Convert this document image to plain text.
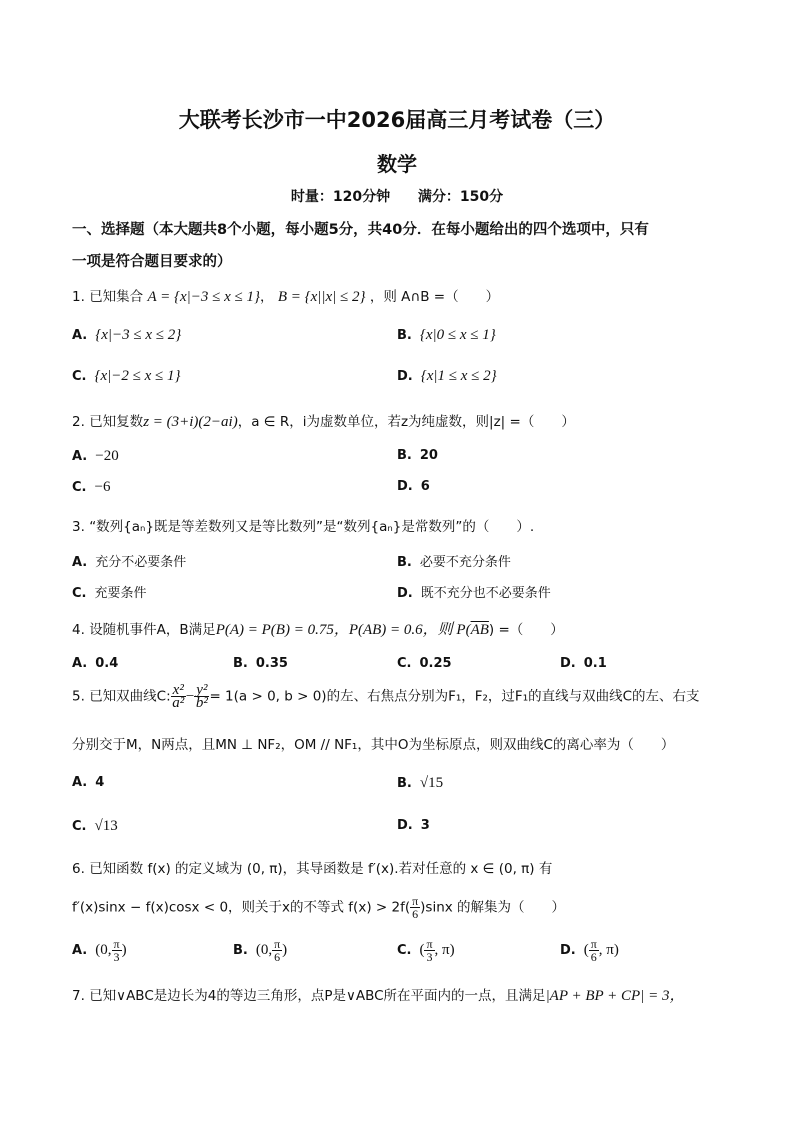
大联考长沙市一中2026届高三月考试卷（三）
数学
时量：120分钟 满分：150分
一、选择题（本大题共8个小题，每小题5分，共40分．在每小题给出的四个选项中，只有
一项是符合题目要求的）
1. 已知集合 A = {x|−3 ≤ x ≤ 1}， B = {x||x| ≤ 2} ，则 A∩B =（　　）
A. {x|−3 ≤ x ≤ 2}	B. {x|0 ≤ x ≤ 1}
C. {x|−2 ≤ x ≤ 1}	D. {x|1 ≤ x ≤ 2}
2. 已知复数z = (3+i)(2−ai)，a ∈ R，i为虚数单位，若z为纯虚数，则|z| =（　　）
A. −20	B. 20
C. −6	D. 6
3. “数列{aₙ}既是等差数列又是等比数列”是“数列{aₙ}是常数列”的（　　）.
A. 充分不必要条件	B. 必要不充分条件
C. 充要条件	D. 既不充分也不必要条件
4. 设随机事件A，B满足P(A) = P(B) = 0.75，P(AB) = 0.6，则 $P(\overline{AB})$ =（　　）
A. 0.4	B. 0.35	C. 0.25	D. 0.1
5. 已知双曲线C: $\frac{\text{x²}}{\text{a²}} - \frac{\text{y²}}{\text{b²}} = 1(a > 0$, b > 0)的左、右焦点分别为F₁，F₂，过F₁的直线与双曲线C的左、右支
分别交于M，N两点，且MN ⊥ NF₂，OM // NF₁，其中O为坐标原点，则双曲线C的离心率为（　　）
A. 4	B. √15
C. √13	D. 3
6. 已知函数 f(x) 的定义域为 (0, π)，其导函数是 f′(x).若对任意的 x ∈ (0, π) 有
f′(x)sinx − f(x)cosx < 0，则关于x的不等式 $f(x) > 2f( \frac{\pi}{6} )\sin x$ 的解集为（　　）
A. (0, $\frac{\pi}{3}$ )	B. (0, $\frac{\pi}{6}$ )	C. ( $\frac{\pi}{3}$ , π)	D. ( $\frac{\pi}{6}$ , π)
7. 已知∨ABC是边长为4的等边三角形，点P是∨ABC所在平面内的一点，且满足|AP + BP + CP| = 3，
